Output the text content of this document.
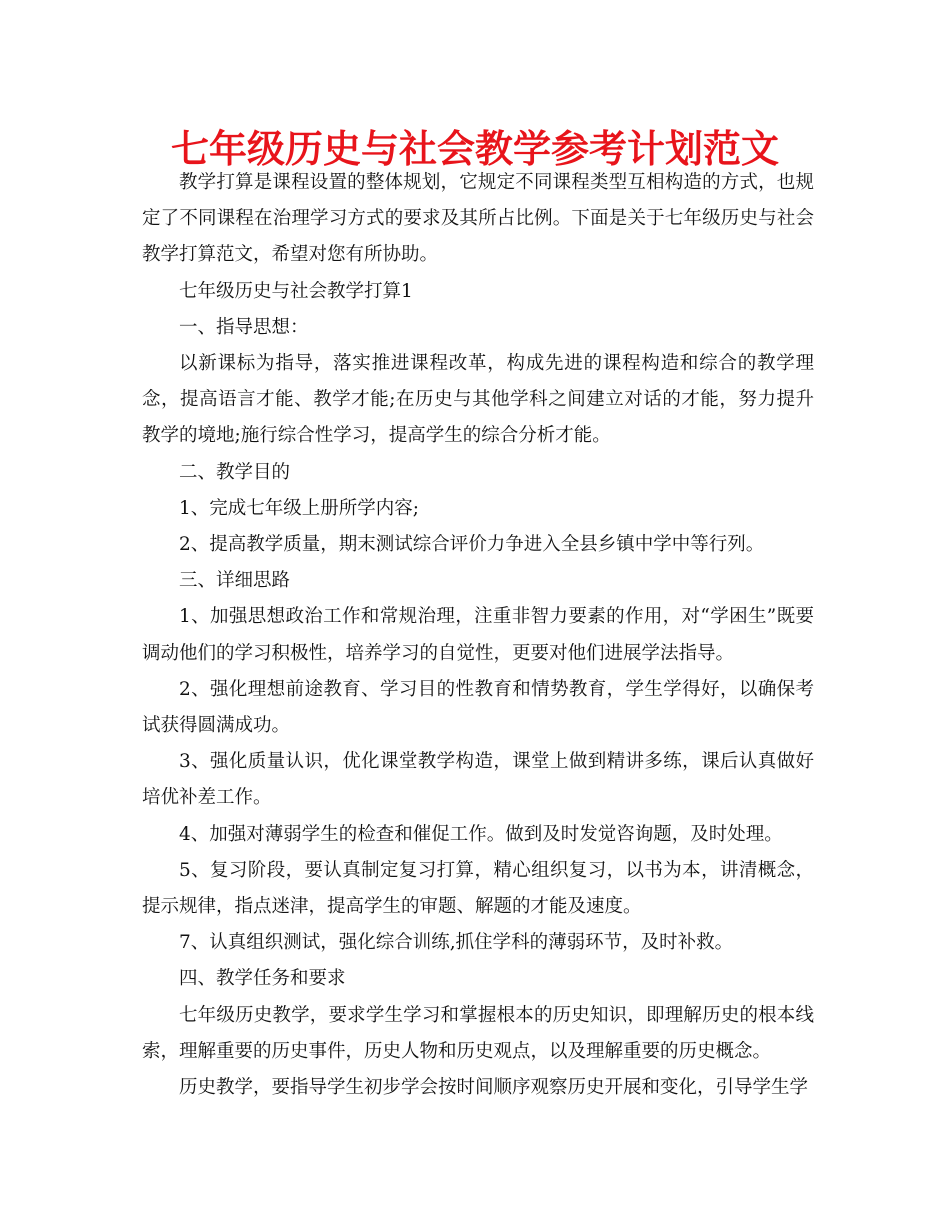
七年级历史与社会教学参考计划范文

教学打算是课程设置的整体规划，它规定不同课程类型互相构造的方式，也规定了不同课程在治理学习方式的要求及其所占比例。下面是关于七年级历史与社会教学打算范文，希望对您有所协助。

七年级历史与社会教学打算1

一、指导思想：

以新课标为指导，落实推进课程改革，构成先进的课程构造和综合的教学理念，提高语言才能、教学才能;在历史与其他学科之间建立对话的才能，努力提升教学的境地;施行综合性学习，提高学生的综合分析才能。

二、教学目的

1、完成七年级上册所学内容;

2、提高教学质量，期末测试综合评价力争进入全县乡镇中学中等行列。

三、详细思路

1、加强思想政治工作和常规治理，注重非智力要素的作用，对“学困生”既要调动他们的学习积极性，培养学习的自觉性，更要对他们进展学法指导。

2、强化理想前途教育、学习目的性教育和情势教育，学生学得好，以确保考试获得圆满成功。

3、强化质量认识，优化课堂教学构造，课堂上做到精讲多练，课后认真做好培优补差工作。

4、加强对薄弱学生的检查和催促工作。做到及时发觉咨询题，及时处理。

5、复习阶段，要认真制定复习打算，精心组织复习，以书为本，讲清概念，提示规律，指点迷津，提高学生的审题、解题的才能及速度。

7、认真组织测试，强化综合训练,抓住学科的薄弱环节，及时补救。

四、教学任务和要求

七年级历史教学，要求学生学习和掌握根本的历史知识，即理解历史的根本线索，理解重要的历史事件，历史人物和历史观点，以及理解重要的历史概念。

历史教学，要指导学生初步学会按时间顺序观察历史开展和变化，引导学生学
